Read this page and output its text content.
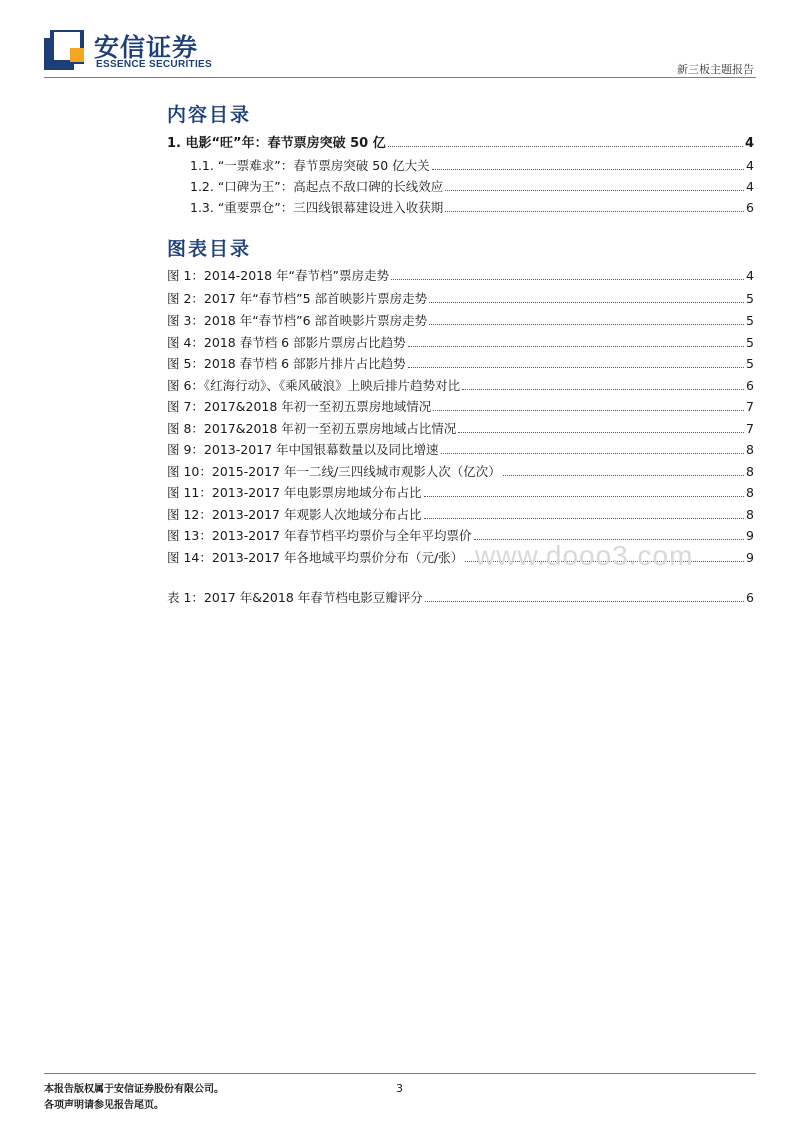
安信证券
ESSENCE SECURITIES	新三板主题报告
内容目录
1. 电影“旺”年：春节票房突破 50 亿	4
1.1. “一票难求”：春节票房突破 50 亿大关	4
1.2. “口碑为王”：高起点不敌口碑的长线效应	4
1.3. “重要票仓”：三四线银幕建设进入收获期	6
图表目录
图 1：2014-2018 年“春节档”票房走势	4
图 2：2017 年“春节档”5 部首映影片票房走势	5
图 3：2018 年“春节档”6 部首映影片票房走势	5
图 4：2018 春节档 6 部影片票房占比趋势	5
图 5：2018 春节档 6 部影片排片占比趋势	5
图 6：《红海行动》、《乘风破浪》上映后排片趋势对比	6
图 7：2017&2018 年初一至初五票房地域情况	7
图 8：2017&2018 年初一至初五票房地域占比情况	7
图 9：2013-2017 年中国银幕数量以及同比增速	8
图 10：2015-2017 年一二线/三四线城市观影人次（亿次）	8
图 11：2013-2017 年电影票房地域分布占比	8
图 12：2013-2017 年观影人次地域分布占比	8
图 13：2013-2017 年春节档平均票价与全年平均票价	9
图 14：2013-2017 年各地域平均票价分布（元/张）	9
表 1：2017 年&2018 年春节档电影豆瓣评分	6
www.dooo3.com
本报告版权属于安信证券股份有限公司。
各项声明请参见报告尾页。
3
